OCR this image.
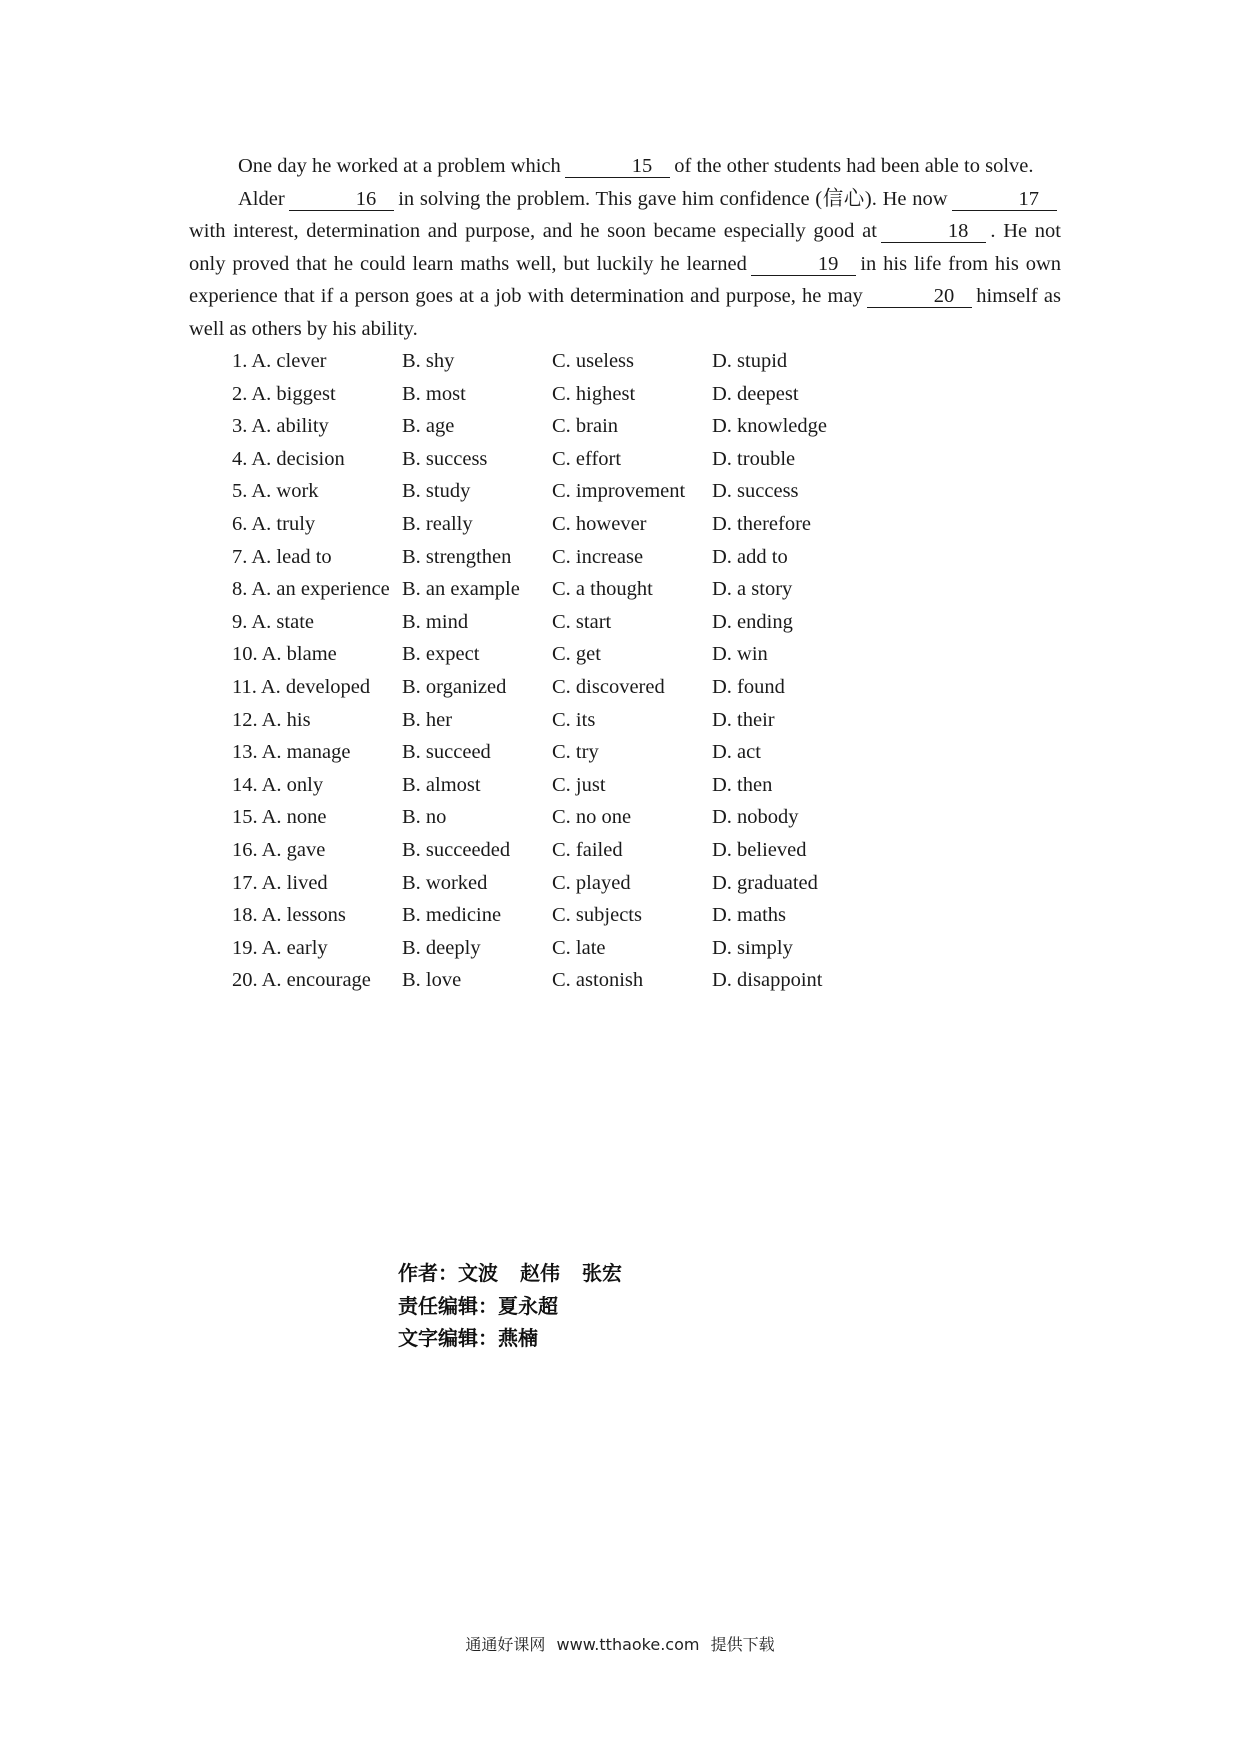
One day he worked at a problem which	15 of the other students had been able to solve.

Alder	16 in solving the problem. This gave him confidence (信心). He now	17with interest, determination and purpose, and he soon became especially good at	18 . He not only proved that he could learn maths well, but luckily he learned	19 in his life from his own experience that if a person goes at a job with determination and purpose, he may	20 himself as well as others by his ability.

1. A. clever	B. shy	C. useless	D. stupid
2. A. biggest	B. most	C. highest	D. deepest
3. A. ability	B. age	C. brain	D. knowledge
4. A. decision	B. success	C. effort	D. trouble
5. A. work	B. study	C. improvement	D. success
6. A. truly	B. really	C. however	D. therefore
7. A. lead to	B. strengthen	C. increase	D. add to
8. A. an experience B. an example	C. a thought	D. a story
9. A. state	B. mind	C. start	D. ending
10. A. blame	B. expect	C. get	D. win
11. A. developed	B. organized	C. discovered	D. found
12. A. his	B. her	C. its	D. their
13. A. manage	B. succeed	C. try	D. act
14. A. only	B. almost	C. just	D. then
15. A. none	B. no	C. no one	D. nobody
16. A. gave	B. succeeded	C. failed	D. believed
17. A. lived	B. worked	C. played	D. graduated
18. A. lessons	B. medicine	C. subjects	D. maths
19. A. early	B. deeply	C. late	D. simply
20. A. encourage	B. love	C. astonish	D. disappoint
作者：文波 赵伟 张宏
责任编辑：夏永超
文字编辑：燕楠
通通好课网 www.tthaoke.com 提供下载
